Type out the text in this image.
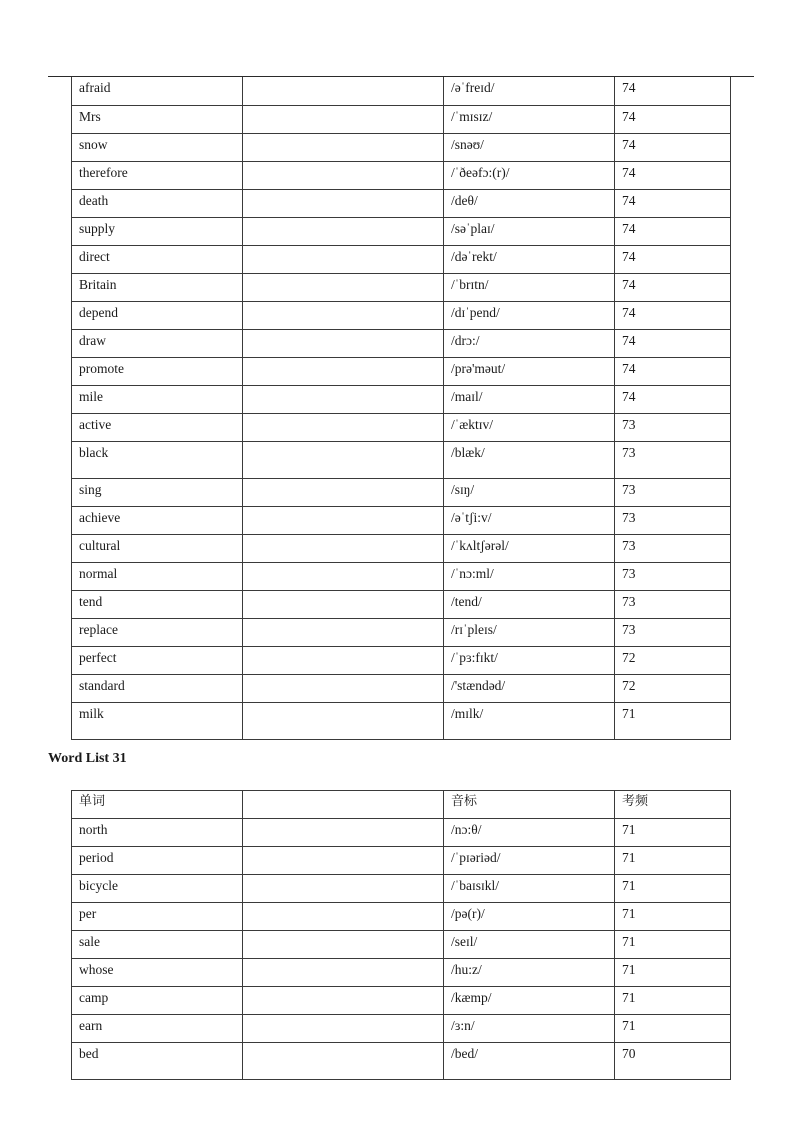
afraid		/əˈfreɪd/	74
Mrs		/ˈmɪsɪz/	74
snow		/snəʊ/	74
therefore		/ˈðeəfɔ:(r)/	74
death		/deθ/	74
supply		/səˈplaɪ/	74
direct		/dəˈrekt/	74
Britain		/ˈbrɪtn/	74
depend		/dɪˈpend/	74
draw		/drɔ:/	74
promote		/prə'məut/	74
mile		/maɪl/	74
active		/ˈæktɪv/	73
black		/blæk/	73
sing		/sɪŋ/	73
achieve		/əˈtʃi:v/	73
cultural		/ˈkʌltʃərəl/	73
normal		/ˈnɔ:ml/	73
tend		/tend/	73
replace		/rɪˈpleɪs/	73
perfect		/ˈpɜ:fɪkt/	72
standard		/'stændəd/	72
milk		/mɪlk/	71
Word List 31
单词		音标	考频
north		/nɔ:θ/	71
period		/ˈpɪəriəd/	71
bicycle		/ˈbaɪsɪkl/	71
per		/pə(r)/	71
sale		/seɪl/	71
whose		/hu:z/	71
camp		/kæmp/	71
earn		/ɜ:n/	71
bed		/bed/	70
